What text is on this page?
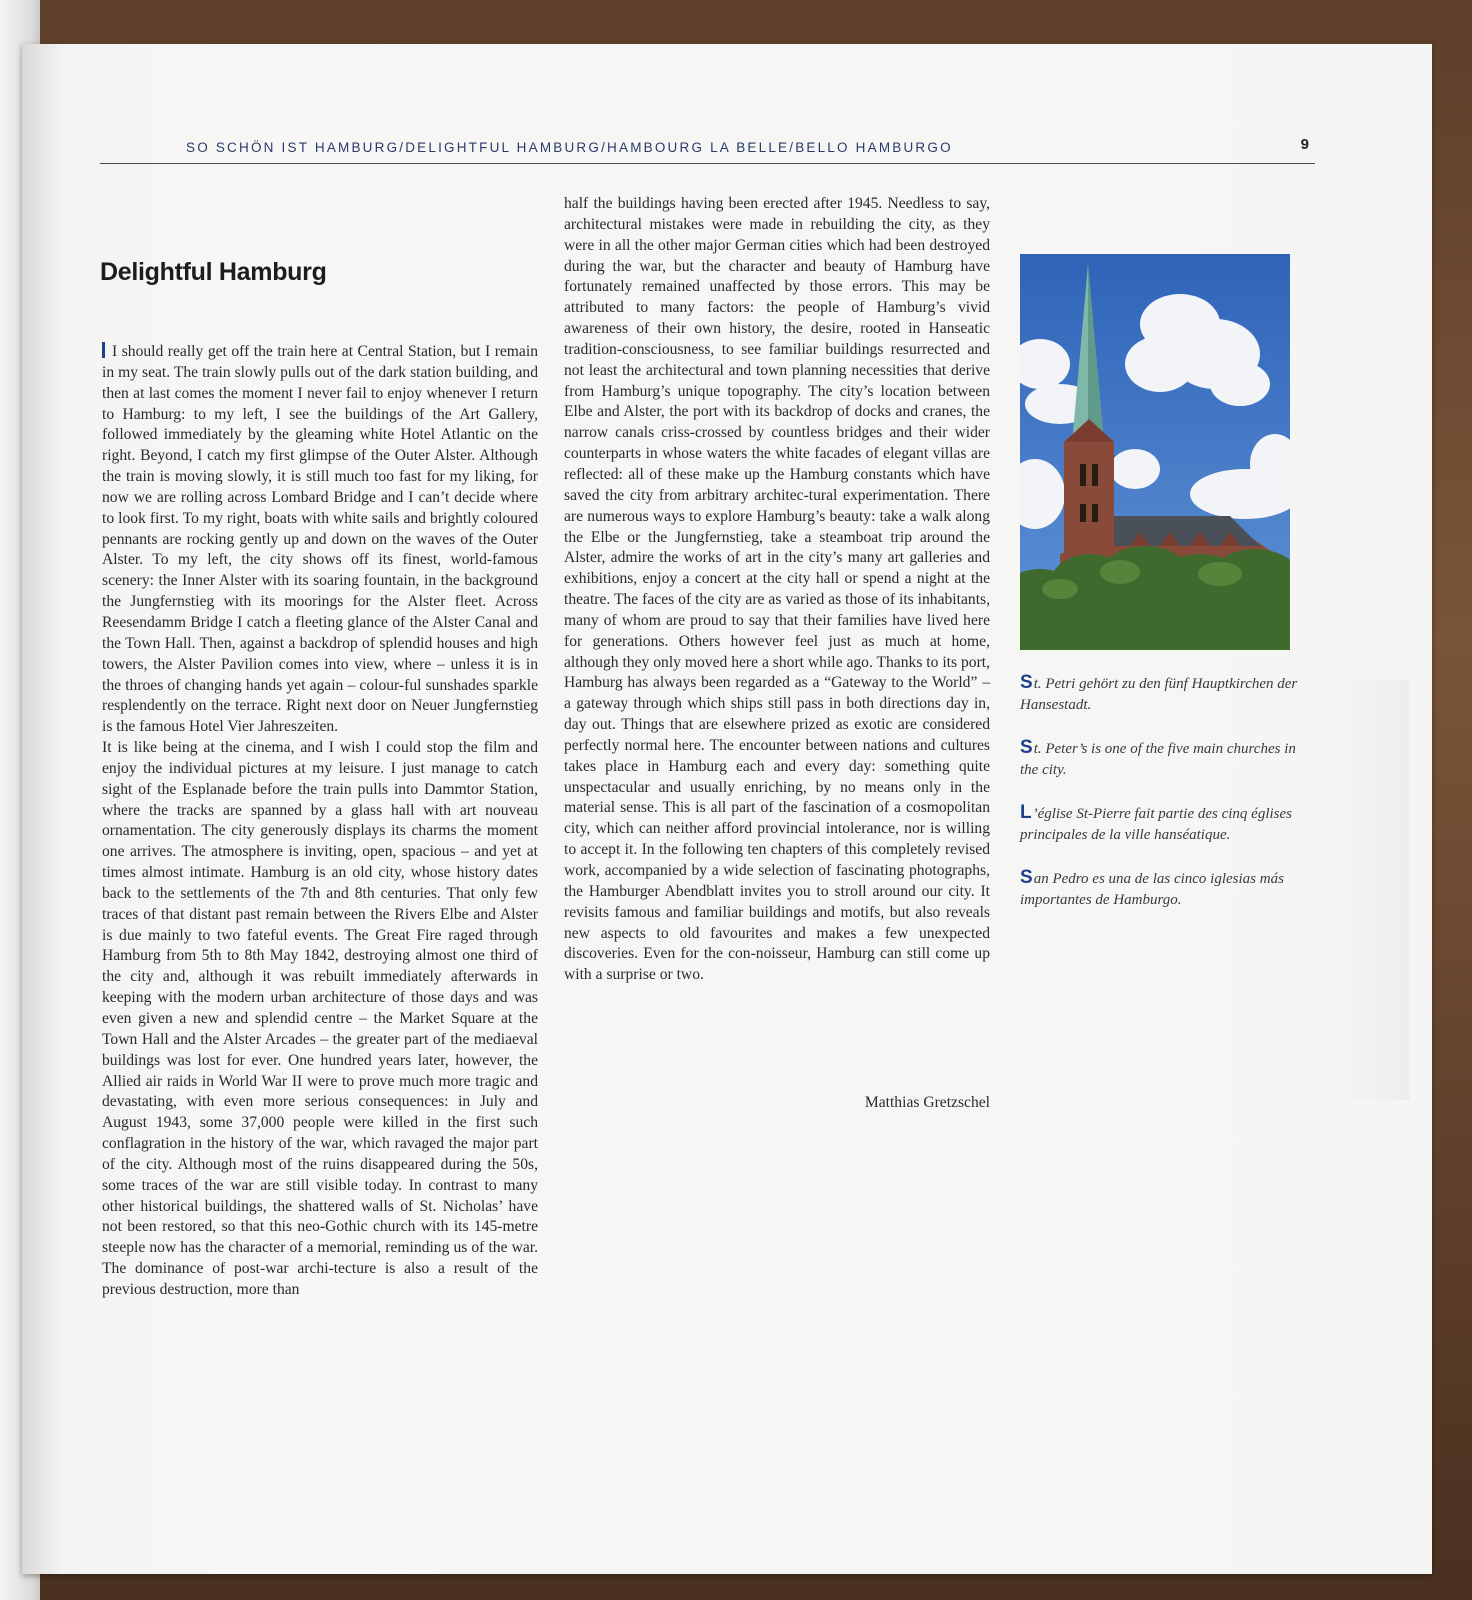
SO SCHÖN IST HAMBURG/DELIGHTFUL HAMBURG/HAMBOURG LA BELLE/BELLO HAMBURGO	9
Delightful Hamburg

I should really get off the train here at Central Station, but I remain in my seat. The train slowly pulls out of the dark station building, and then at last comes the moment I never fail to enjoy whenever I return to Hamburg: to my left, I see the buildings of the Art Gallery, followed immediately by the gleaming white Hotel Atlantic on the right. Beyond, I catch my first glimpse of the Outer Alster. Although the train is moving slowly, it is still much too fast for my liking, for now we are rolling across Lombard Bridge and I can’t decide where to look first. To my right, boats with white sails and brightly coloured pennants are rocking gently up and down on the waves of the Outer Alster. To my left, the city shows off its finest, world-famous scenery: the Inner Alster with its soaring fountain, in the background the Jungfernstieg with its moorings for the Alster fleet. Across Reesendamm Bridge I catch a fleeting glance of the Alster Canal and the Town Hall. Then, against a backdrop of splendid houses and high towers, the Alster Pavilion comes into view, where – unless it is in the throes of changing hands yet again – colour-ful sunshades sparkle resplendently on the terrace. Right next door on Neuer Jungfernstieg is the famous Hotel Vier Jahreszeiten.

It is like being at the cinema, and I wish I could stop the film and enjoy the individual pictures at my leisure. I just manage to catch sight of the Esplanade before the train pulls into Dammtor Station, where the tracks are spanned by a glass hall with art nouveau ornamentation. The city generously displays its charms the moment one arrives. The atmosphere is inviting, open, spacious – and yet at times almost intimate. Hamburg is an old city, whose history dates back to the settlements of the 7th and 8th centuries. That only few traces of that distant past remain between the Rivers Elbe and Alster is due mainly to two fateful events. The Great Fire raged through Hamburg from 5th to 8th May 1842, destroying almost one third of the city and, although it was rebuilt immediately afterwards in keeping with the modern urban architecture of those days and was even given a new and splendid centre – the Market Square at the Town Hall and the Alster Arcades – the greater part of the mediaeval buildings was lost for ever. One hundred years later, however, the Allied air raids in World War II were to prove much more tragic and devastating, with even more serious consequences: in July and August 1943, some 37,000 people were killed in the first such conflagration in the history of the war, which ravaged the major part of the city. Although most of the ruins disappeared during the 50s, some traces of the war are still visible today. In contrast to many other historical buildings, the shattered walls of St. Nicholas’ have not been restored, so that this neo-Gothic church with its 145-metre steeple now has the character of a memorial, reminding us of the war. The dominance of post-war archi-tecture is also a result of the previous destruction, more than

half the buildings having been erected after 1945. Needless to say, architectural mistakes were made in rebuilding the city, as they were in all the other major German cities which had been destroyed during the war, but the character and beauty of Hamburg have fortunately remained unaffected by those errors. This may be attributed to many factors: the people of Hamburg’s vivid awareness of their own history, the desire, rooted in Hanseatic tradition-consciousness, to see familiar buildings resurrected and not least the architectural and town planning necessities that derive from Hamburg’s unique topography. The city’s location between Elbe and Alster, the port with its backdrop of docks and cranes, the narrow canals criss-crossed by countless bridges and their wider counterparts in whose waters the white facades of elegant villas are reflected: all of these make up the Hamburg constants which have saved the city from arbitrary architec-tural experimentation. There are numerous ways to explore Hamburg’s beauty: take a walk along the Elbe or the Jungfernstieg, take a steamboat trip around the Alster, admire the works of art in the city’s many art galleries and exhibitions, enjoy a concert at the city hall or spend a night at the theatre. The faces of the city are as varied as those of its inhabitants, many of whom are proud to say that their families have lived here for generations. Others however feel just as much at home, although they only moved here a short while ago. Thanks to its port, Hamburg has always been regarded as a “Gateway to the World” – a gateway through which ships still pass in both directions day in, day out. Things that are elsewhere prized as exotic are considered perfectly normal here. The encounter between nations and cultures takes place in Hamburg each and every day: something quite unspectacular and usually enriching, by no means only in the material sense. This is all part of the fascination of a cosmopolitan city, which can neither afford provincial intolerance, nor is willing to accept it. In the following ten chapters of this completely revised work, accompanied by a wide selection of fascinating photographs, the Hamburger Abendblatt invites you to stroll around our city. It revisits famous and familiar buildings and motifs, but also reveals new aspects to old favourites and makes a few unexpected discoveries. Even for the con-noisseur, Hamburg can still come up with a surprise or two.

Matthias Gretzschel

St. Petri gehört zu den fünf Hauptkirchen der Hansestadt.

St. Peter’s is one of the five main churches in the city.

L’église St-Pierre fait partie des cinq églises principales de la ville hanséatique.

San Pedro es una de las cinco iglesias más importantes de Hamburgo.
